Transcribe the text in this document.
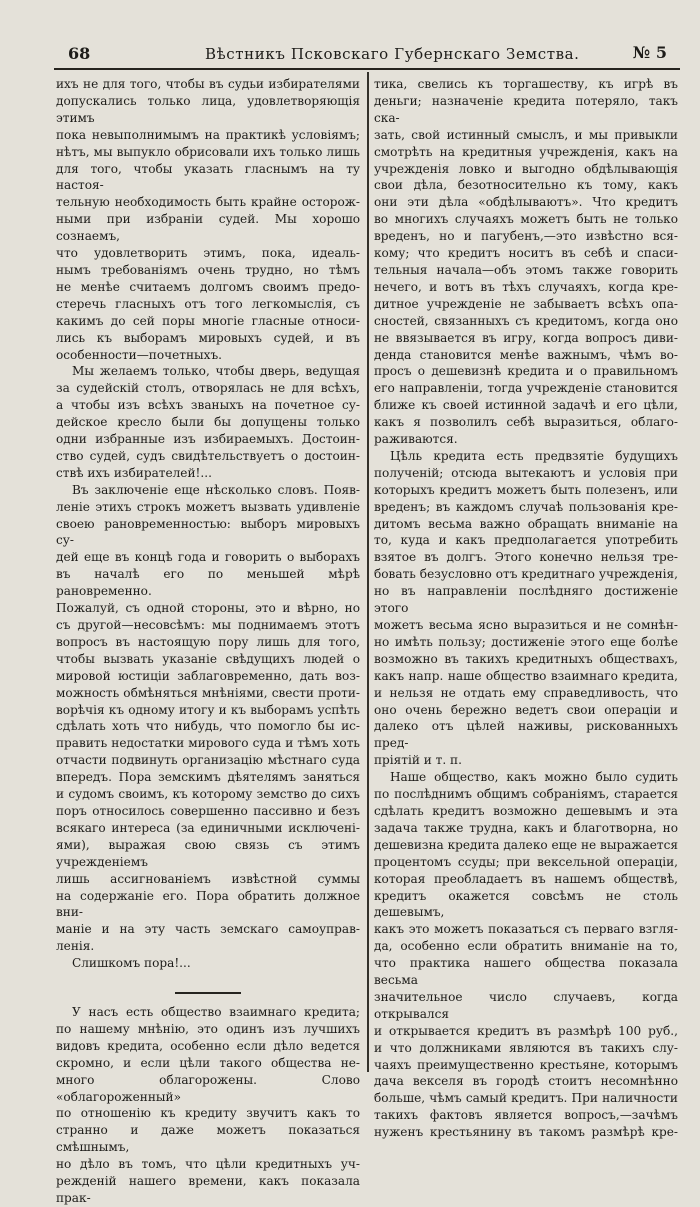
68	Вѣстникъ Псковскаго Губернскаго Земства.	№ 5

ихъ не для того, чтобы въ судьи избирателями

допускались только лица, удовлетворяющія этимъ

пока невыполнимымъ на практикѣ условіямъ;

нѣтъ, мы выпукло обрисовали ихъ только лишь

для того, чтобы указать гласнымъ на ту настоя-

тельную необходимость быть крайне осторож-

ными при избраніи судей. Мы хорошо сознаемъ,

что удовлетворить этимъ, пока, идеаль-

нымъ требованіямъ очень трудно, но тѣмъ

не менѣе считаемъ долгомъ своимъ предо-

стеречь гласныхъ отъ того легкомыслія, съ

какимъ до сей поры многіе гласные относи-

лись къ выборамъ мировыхъ судей, и въ

особенности—почетныхъ.

Мы желаемъ только, чтобы дверь, ведущая

за судейскій столъ, отворялась не для всѣхъ,

а чтобы изъ всѣхъ званыхъ на почетное су-

дейское кресло были бы допущены только

одни избранные изъ избираемыхъ. Достоин-

ство судей, судъ свидѣтельствуетъ о достоин-

ствѣ ихъ избирателей!...

Въ заключеніе еще нѣсколько словъ. Появ-

леніе этихъ строкъ можетъ вызвать удивленіе

своею рановременностью: выборъ мировыхъ су-

дей еще въ концѣ года и говорить о выборахъ

въ началѣ его по меньшей мѣрѣ рановременно.

Пожалуй, съ одной стороны, это и вѣрно, но

съ другой—несовсѣмъ: мы поднимаемъ этотъ

вопросъ въ настоящую пору лишь для того,

чтобы вызвать указаніе свѣдущихъ людей о

мировой юстиціи заблаговременно, дать воз-

можность обмѣняться мнѣніями, свести проти-

ворѣчія къ одному итогу и къ выборамъ успѣть

сдѣлать хоть что нибудь, что помогло бы ис-

править недостатки мирового суда и тѣмъ хоть

отчасти подвинуть организацію мѣстнаго суда

впередъ. Пора земскимъ дѣятелямъ заняться

и судомъ своимъ, къ которому земство до сихъ

поръ относилось совершенно пассивно и безъ

всякаго интереса (за единичными исключені-

ями), выражая свою связь съ этимъ учрежденіемъ

лишь ассигнованіемъ извѣстной суммы

на содержаніе его. Пора обратить должное вни-

маніе и на эту часть земскаго самоуправ-

ленія.

Слишкомъ пора!...

У насъ есть общество взаимнаго кредита;

по нашему мнѣнію, это одинъ изъ лучшихъ

видовъ кредита, особенно если дѣло ведется

скромно, и если цѣли такого общества не-

много облагорожены. Слово «облагороженный»

по отношенію къ кредиту звучитъ какъ то

странно и даже можетъ показаться смѣшнымъ,

но дѣло въ томъ, что цѣли кредитныхъ уч-

режденій нашего времени, какъ показала прак-

тика, свелись къ торгашеству, къ игрѣ въ

деньги; назначеніе кредита потеряло, такъ ска-

зать, свой истинный смыслъ, и мы привыкли

смотрѣть на кредитныя учрежденія, какъ на

учрежденія ловко и выгодно обдѣлывающія

свои дѣла, безотносительно къ тому, какъ

они эти дѣла «обдѣлываютъ». Что кредитъ

во многихъ случаяхъ можетъ быть не только

вреденъ, но и пагубенъ,—это извѣстно вся-

кому; что кредитъ носитъ въ себѣ и спаси-

тельныя начала—объ этомъ также говорить

нечего, и вотъ въ тѣхъ случаяхъ, когда кре-

дитное учрежденіе не забываетъ всѣхъ опа-

сностей, связанныхъ съ кредитомъ, когда оно

не ввязывается въ игру, когда вопросъ диви-

денда становится менѣе важнымъ, чѣмъ во-

просъ о дешевизнѣ кредита и о правильномъ

его направленіи, тогда учрежденіе становится

ближе къ своей истинной задачѣ и его цѣли,

какъ я позволилъ себѣ выразиться, облаго-

раживаются.

Цѣль кредита есть предвзятіе будущихъ

полученій; отсюда вытекаютъ и условія при

которыхъ кредитъ можетъ быть полезенъ, или

вреденъ; въ каждомъ случаѣ пользованія кре-

дитомъ весьма важно обращать вниманіе на

то, куда и какъ предполагается употребить

взятое въ долгъ. Этого конечно нельзя тре-

бовать безусловно отъ кредитнаго учрежденія,

но въ направленіи послѣдняго достиженіе этого

можетъ весьма ясно выразиться и не сомнѣн-

но имѣть пользу; достиженіе этого еще болѣе

возможно въ такихъ кредитныхъ обществахъ,

какъ напр. наше общество взаимнаго кредита,

и нельзя не отдать ему справедливость, что

оно очень бережно ведетъ свои операціи и

далеко отъ цѣлей наживы, рискованныхъ пред-

пріятій и т. п.

Наше общество, какъ можно было судить

по послѣднимъ общимъ собраніямъ, старается

сдѣлать кредитъ возможно дешевымъ и эта

задача также трудна, какъ и благотворна, но

дешевизна кредита далеко еще не выражается

процентомъ ссуды; при вексельной операціи,

которая преобладаетъ въ нашемъ обществѣ,

кредитъ окажется совсѣмъ не столь дешевымъ,

какъ это можетъ показаться съ перваго взгля-

да, особенно если обратить вниманіе на то,

что практика нашего общества показала весьма

значительное число случаевъ, когда открывался

и открывается кредитъ въ размѣрѣ 100 руб.,

и что должниками являются въ такихъ слу-

чаяхъ преимущественно крестьяне, которымъ

дача векселя въ городѣ стоитъ несомнѣнно

больше, чѣмъ самый кредитъ. При наличности

такихъ фактовъ является вопросъ,—зачѣмъ

нуженъ крестьянину въ такомъ размѣрѣ кре-
